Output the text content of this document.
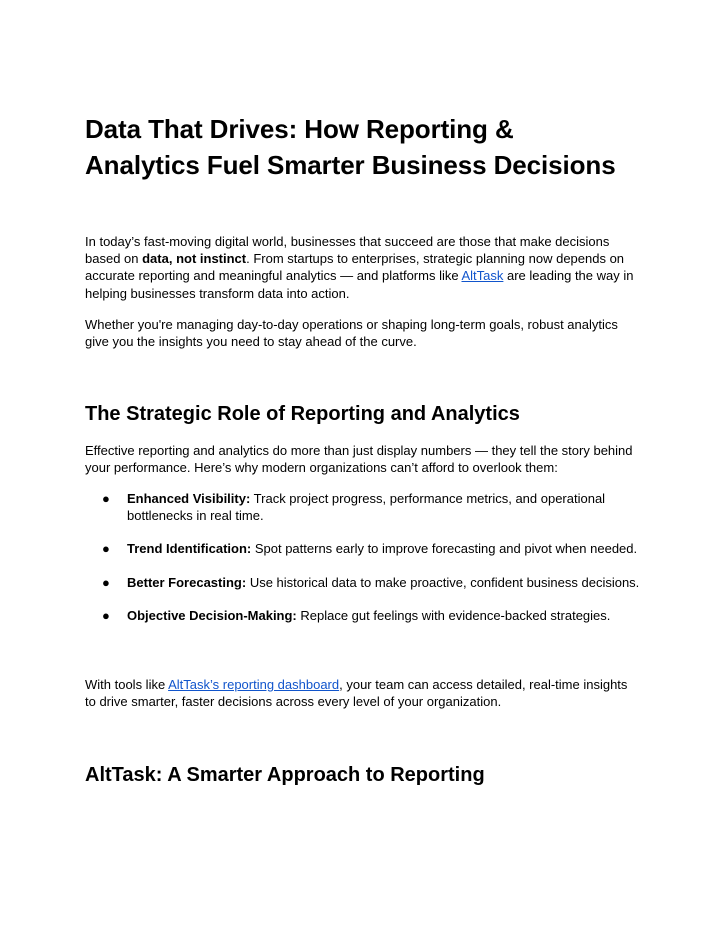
Data That Drives: How Reporting & Analytics Fuel Smarter Business Decisions

In today’s fast-moving digital world, businesses that succeed are those that make decisions based on data, not instinct. From startups to enterprises, strategic planning now depends on accurate reporting and meaningful analytics — and platforms like AltTask are leading the way in helping businesses transform data into action.

Whether you're managing day-to-day operations or shaping long-term goals, robust analytics give you the insights you need to stay ahead of the curve.

The Strategic Role of Reporting and Analytics

Effective reporting and analytics do more than just display numbers — they tell the story behind your performance. Here’s why modern organizations can’t afford to overlook them:

● Enhanced Visibility: Track project progress, performance metrics, and operational bottlenecks in real time.
● Trend Identification: Spot patterns early to improve forecasting and pivot when needed.
● Better Forecasting: Use historical data to make proactive, confident business decisions.
● Objective Decision-Making: Replace gut feelings with evidence-backed strategies.

With tools like AltTask’s reporting dashboard, your team can access detailed, real-time insights to drive smarter, faster decisions across every level of your organization.

AltTask: A Smarter Approach to Reporting
